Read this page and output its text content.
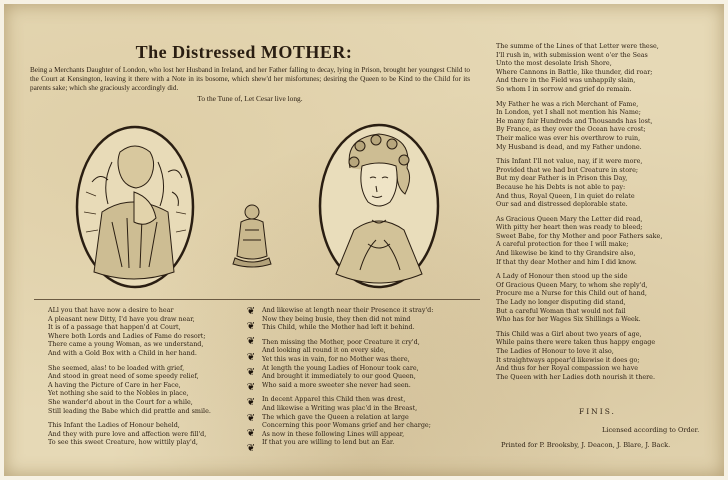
The Distressed MOTHER:
Being a Merchants Daughter of London, who lost her Husband in Ireland, and her Father falling to decay, lying in Prison, brought her youngest Child to the Court at Kensington, leaving it there with a Note in its bosome, which shew'd her misfortunes; desiring the Queen to be Kind to the Child for its parents sake; which she graciously accordingly did.
To the Tune of, Let Cesar live long.

ALl you that have now a desire to hear
A pleasant new Ditty, I'd have you draw near,
It is of a passage that happen'd at Court,
Where both Lords and Ladies of Fame do resort;
There came a young Woman, as we understand,
And with a Gold Box with a Child in her hand.

She seemed, alas! to be loaded with grief,
And stood in great need of some speedy relief,
A having the Picture of Care in her Face,
Yet nothing she said to the Nobles in place,
She wander'd about in the Court for a while,
Still leading the Babe which did prattle and smile.

This Infant the Ladies of Honour beheld,
And they with pure love and affection were fill'd,
To see this sweet Creature, how wittily play'd,

❦
❦
❦
❦
❦
❦
❦
❦
❦
❦

And likewise at length near their Presence it stray'd:
Now they being busie, they then did not mind
This Child, while the Mother had left it behind.

Then missing the Mother, poor Creature it cry'd,
And looking all round it on every side,
Yet this was in vain, for no Mother was there,
At length the young Ladies of Honour took care,
And brought it immediately to our good Queen,
Who said a more sweeter she never had seen.

In decent Apparel this Child then was drest,
And likewise a Writing was plac'd in the Breast,
The which gave the Queen a relation at large
Concerning this poor Womans grief and her charge;
As now in these following Lines will appear,
If that you are willing to lend but an Ear.

The summe of the Lines of that Letter were these,
I'll rush in, with submission went o'er the Seas
Unto the most desolate Irish Shore,
Where Cannons in Battle, like thunder, did roar;
And there in the Field was unhappily slain,
So whom I in sorrow and grief do remain.

My Father he was a rich Merchant of Fame,
In London, yet I shall not mention his Name;
He many fair Hundreds and Thousands has lost,
By France, as they over the Ocean have crost;
Their malice was ever his overthrow to ruin,
My Husband is dead, and my Father undone.

This Infant I'll not value, nay, if it were more,
Provided that we had but Creature in store;
But my dear Father is in Prison this Day,
Because he his Debts is not able to pay:
And thus, Royal Queen, I in quiet do relate
Our sad and distressed deplorable state.

As Gracious Queen Mary the Letter did read,
With pitty her heart then was ready to bleed;
Sweet Babe, for thy Mother and poor Fathers sake,
A careful protection for thee I will make;
And likewise be kind to thy Grandsire also,
If that thy dear Mother and him I did know.

A Lady of Honour then stood up the side
Of Gracious Queen Mary, to whom she reply'd,
Procure me a Nurse for this Child out of hand,
The Lady no longer disputing did stand,
But a careful Woman that would not fail
Who has for her Wages Six Shillings a Week.

This Child was a Girl about two years of age,
While pains there were taken thus happy engage
The Ladies of Honour to love it also,
It straightways appear'd likewise it does go;
And thus for her Royal compassion we have
The Queen with her Ladies doth nourish it there.

FINIS.
Licensed according to Order.
Printed for P. Brooksby, J. Deacon, J. Blare, J. Back.
